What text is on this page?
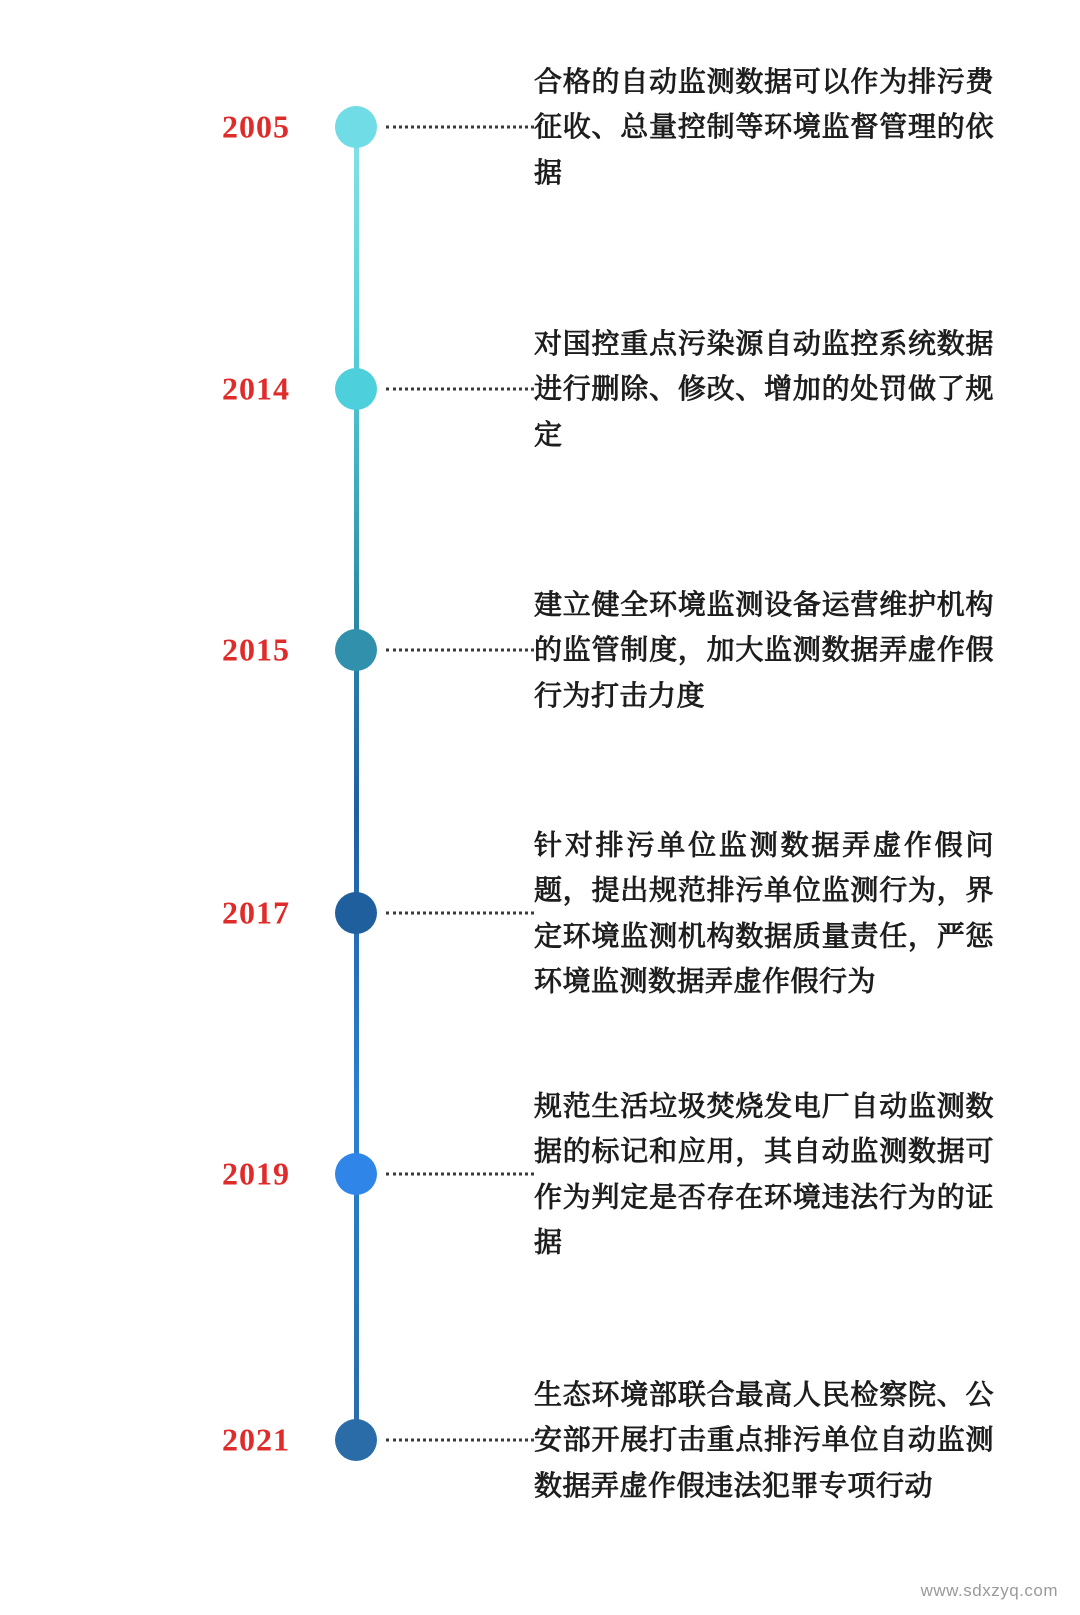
2005
合格的自动监测数据可以作为排污费征收、总量控制等环境监督管理的依据
2014
对国控重点污染源自动监控系统数据进行删除、修改、增加的处罚做了规定
2015
建立健全环境监测设备运营维护机构的监管制度，加大监测数据弄虚作假行为打击力度
2017
针对排污单位监测数据弄虚作假问题，提出规范排污单位监测行为，界定环境监测机构数据质量责任，严惩环境监测数据弄虚作假行为
2019
规范生活垃圾焚烧发电厂自动监测数据的标记和应用，其自动监测数据可作为判定是否存在环境违法行为的证据
2021
生态环境部联合最高人民检察院、公安部开展打击重点排污单位自动监测数据弄虚作假违法犯罪专项行动
www.sdxzyq.com
